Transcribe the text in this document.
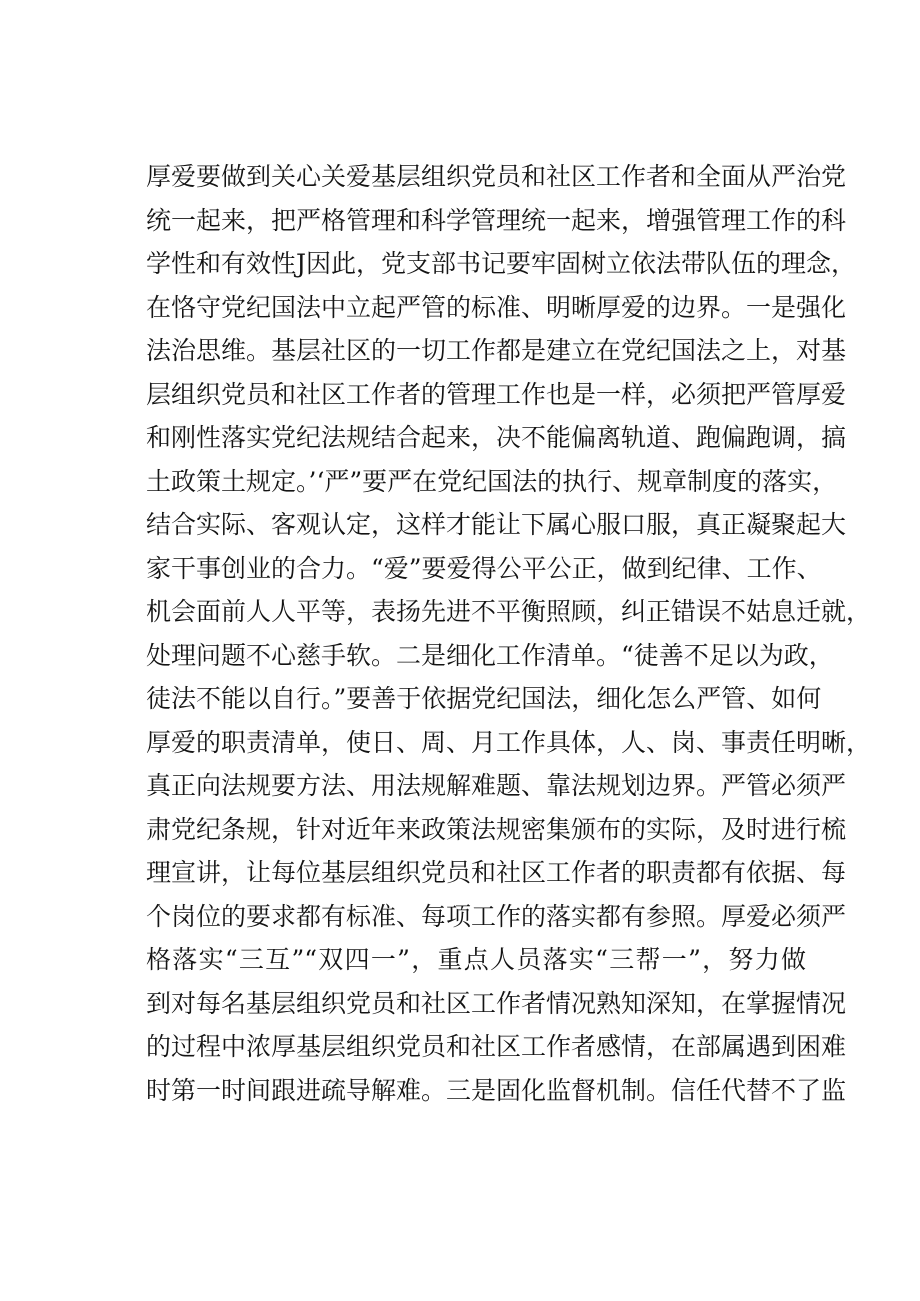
厚爱要做到关心关爱基层组织党员和社区工作者和全面从严治党
统一起来，把严格管理和科学管理统一起来，增强管理工作的科
学性和有效性J因此，党支部书记要牢固树立依法带队伍的理念，
在恪守党纪国法中立起严管的标准、明晰厚爱的边界。一是强化
法治思维。基层社区的一切工作都是建立在党纪国法之上，对基
层组织党员和社区工作者的管理工作也是一样，必须把严管厚爱
和刚性落实党纪法规结合起来，决不能偏离轨道、跑偏跑调，搞
土政策土规定。’‘严”要严在党纪国法的执行、规章制度的落实，
结合实际、客观认定，这样才能让下属心服口服，真正凝聚起大
家干事创业的合力。“爱”要爱得公平公正，做到纪律、工作、
机会面前人人平等，表扬先进不平衡照顾，纠正错误不姑息迁就，
处理问题不心慈手软。二是细化工作清单。“徒善不足以为政，
徒法不能以自行。”要善于依据党纪国法，细化怎么严管、如何
厚爱的职责清单，使日、周、月工作具体，人、岗、事责任明晰，
真正向法规要方法、用法规解难题、靠法规划边界。严管必须严
肃党纪条规，针对近年来政策法规密集颁布的实际，及时进行梳
理宣讲，让每位基层组织党员和社区工作者的职责都有依据、每
个岗位的要求都有标准、每项工作的落实都有参照。厚爱必须严
格落实“三互”“双四一”，重点人员落实“三帮一”，努力做
到对每名基层组织党员和社区工作者情况熟知深知，在掌握情况
的过程中浓厚基层组织党员和社区工作者感情，在部属遇到困难
时第一时间跟进疏导解难。三是固化监督机制。信任代替不了监
